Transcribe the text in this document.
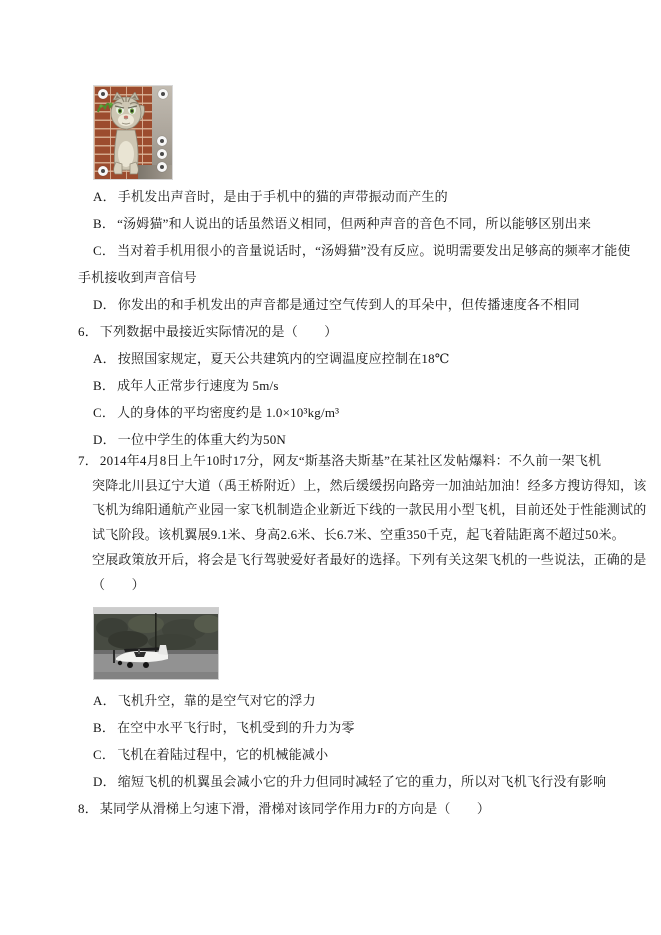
A． 手机发出声音时，是由于手机中的猫的声带振动而产生的
B． “汤姆猫”和人说出的话虽然语义相同，但两种声音的音色不同，所以能够区别出来
C． 当对着手机用很小的音量说话时，“汤姆猫”没有反应。说明需要发出足够高的频率才能使
手机接收到声音信号
D． 你发出的和手机发出的声音都是通过空气传到人的耳朵中，但传播速度各不相同
6． 下列数据中最接近实际情况的是（　　）
A． 按照国家规定，夏天公共建筑内的空调温度应控制在18℃
B． 成年人正常步行速度为 5m/s
C． 人的身体的平均密度约是 1.0×10³kg/m³
D． 一位中学生的体重大约为50N
7． 2014年4月8日上午10时17分，网友“斯基洛夫斯基”在某社区发帖爆料：不久前一架飞机
突降北川县辽宁大道（禹王桥附近）上，然后缓缓拐向路旁一加油站加油！经多方搜访得知，该
飞机为绵阳通航产业园一家飞机制造企业新近下线的一款民用小型飞机，目前还处于性能测试的
试飞阶段。该机翼展9.1米、身高2.6米、长6.7米、空重350千克，起飞着陆距离不超过50米。
空展政策放开后，将会是飞行驾驶爱好者最好的选择。下列有关这架飞机的一些说法，正确的是
（　　）
A． 飞机升空，靠的是空气对它的浮力
B． 在空中水平飞行时，飞机受到的升力为零
C． 飞机在着陆过程中，它的机械能减小
D． 缩短飞机的机翼虽会减小它的升力但同时减轻了它的重力，所以对飞机飞行没有影响
8． 某同学从滑梯上匀速下滑，滑梯对该同学作用力F的方向是（　　）
